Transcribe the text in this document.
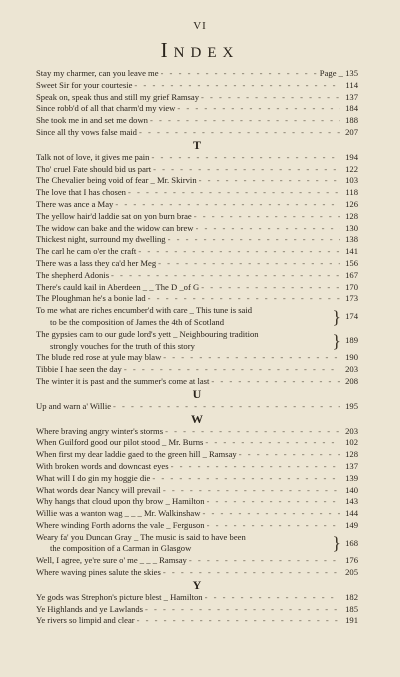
VI
Index
Stay my charmer, can you leave me - - -	Page _ 135
Sweet Sir for your courtesie - - -	114
Speak on, speak thus and still my grief Ramsay - - -	137
Since robb'd of all that charm'd my view - - -	184
She took me in and set me down - - -	188
Since all thy vows false maid - - -	207
T
Talk not of love, it gives me pain - - -	194
Tho' cruel Fate should bid us part - - -	122
The Chevalier being void of fear _ Mr. Skirvin - - -	103
The love that I has chosen - - -	118
There was ance a May - - -	126
The yellow hair'd laddie sat on yon burn brae - - -	128
The widow can bake and the widow can brew - - -	130
Thickest night, surround my dwelling - - -	138
The carl he cam o'er the craft - - -	141
There was a lass they ca'd her Meg - - -	156
The shepherd Adonis - - -	167
There's cauld kail in Aberdeen _ _ The D _of G - - -	170
The Ploughman he's a bonie lad - - -	173
To me what are riches encumber'd with care _ This tune is said
to be the composition of James the 4th of Scotland	} 174
The gypsies cam to our gude lord's yett _ Neighbouring tradition
strongly vouches for the truth of this story	} 189
The blude red rose at yule may blaw - - -	190
Tibbie I hae seen the day - - -	203
The winter it is past and the summer's come at last - - -	208
U
Up and warn a' Willie - - -	195
W
Where braving angry winter's storms - - -	203
When Guilford good our pilot stood _ Mr. Burns - - -	102
When first my dear laddie gaed to the green hill _ Ramsay - - -	128
With broken words and downcast eyes - - -	137
What will I do gin my hoggie die - - -	139
What words dear Nancy will prevail - - -	140
Why hangs that cloud upon thy brow _ Hamilton - - -	143
Willie was a wanton wag _ _ _ Mr. Walkinshaw - - -	144
Where winding Forth adorns the vale _ Ferguson - - -	149
Weary fa' you Duncan Gray _ The music is said to have been
the composition of a Carman in Glasgow	} 168
Well, I agree, ye're sure o' me _ _ _ Ramsay - - -	176
Where waving pines salute the skies - - -	205
Y
Ye gods was Strephon's picture blest _ Hamilton - - -	182
Ye Highlands and ye Lawlands - - -	185
Ye rivers so limpid and clear - - -	191
